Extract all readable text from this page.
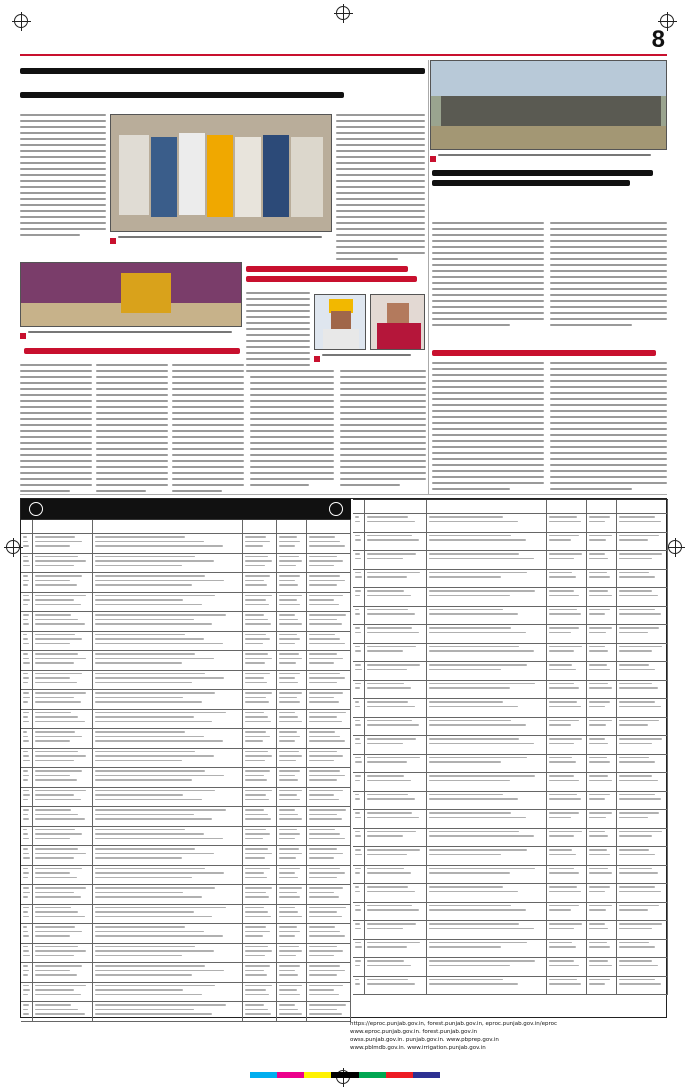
8
https://eproc.punjab.gov.in, forest.punjab.gov.in, eproc.punjab.gov.in/eproc
www.eproc.punjab.gov.in. forest.punjab.gov.in
owss.punjab.gov.in. punjab.gov.in. www.pbprep.gov.in
www.pblmdb.gov.in. www.irrigation.punjab.gov.in
